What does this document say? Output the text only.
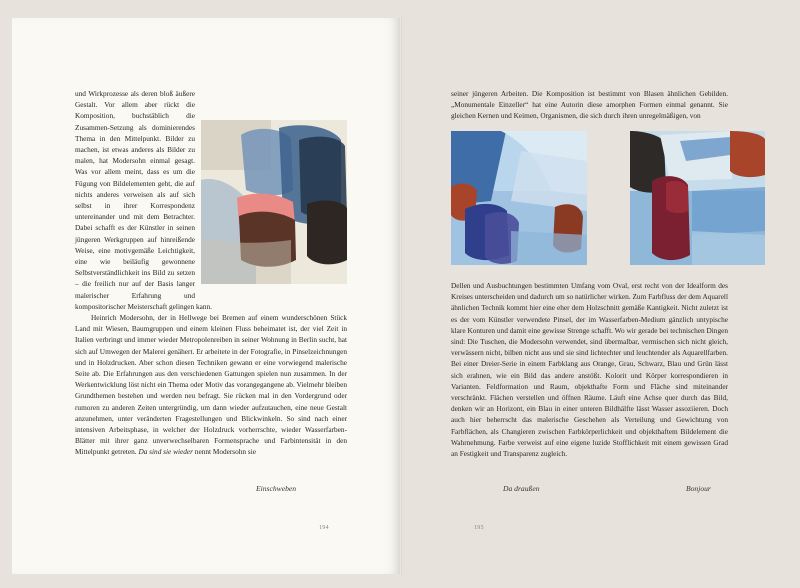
und Wirkprozesse als deren bloß äußere Gestalt. Vor allem aber rückt die Komposition, buchstäblich die Zusammen-Setzung als dominierendes Thema in den Mittelpunkt. Bilder zu machen, ist etwas anderes als Bilder zu malen, hat Modersohn einmal gesagt. Was vor allem meint, dass es um die Fügung von Bildelementen geht, die auf nichts anderes verweisen als auf sich selbst in ihrer Korrespondenz untereinander und mit dem Betrachter. Dabei schafft es der Künstler in seinen jüngeren Werkgruppen auf hinreißende Weise, eine motivgemäße Leichtigkeit, eine wie beiläufig gewonnene Selbstverständlichkeit ins Bild zu setzen – die freilich nur auf der Basis langer malerischer Erfahrung und kompositorischer Meisterschaft gelingen kann.

Heinrich Modersohn, der in Hellwege bei Bremen auf einem wunderschönen Stück Land mit Wiesen, Baumgruppen und einem kleinen Fluss beheimatet ist, der viel Zeit in Italien verbringt und immer wieder Metropolenreiben in seiner Wohnung in Berlin sucht, hat sich auf Umwegen der Malerei genähert. Er arbeitete in der Fotografie, in Pinselzeichnungen und in Holzdrucken. Aber schon diesen Techniken gewann er eine vorwiegend malerische Seite ab. Die Erfahrungen aus den verschiedenen Gattungen spielen nun zusammen. In der Werkentwicklung löst nicht ein Thema oder Motiv das vorangegangene ab. Vielmehr bleiben Grundthemen bestehen und werden neu befragt. Sie rücken mal in den Vordergrund oder rumoren zu anderen Zeiten untergründig, um dann wieder aufzutauchen, eine neue Gestalt anzunehmen, unter veränderten Fragestellungen und Blickwinkeln. So sind nach einer intensiven Arbeitsphase, in welcher der Holzdruck vorherrschte, wieder Wasserfarben-Blätter mit ihrer ganz unverwechselbaren Formensprache und Farbintensität in den Mittelpunkt getreten. Da sind sie wieder nennt Modersohn sie

Einschweben
194

seiner jüngeren Arbeiten. Die Komposition ist bestimmt von Blasen ähnlichen Gebilden. „Monumentale Einzeller“ hat eine Autorin diese amorphen Formen einmal genannt. Sie gleichen Kernen und Keimen, Organismen, die sich durch ihren unregelmäßigen, von

Dellen und Ausbuchtungen bestimmten Umfang vom Oval, erst recht von der Idealform des Kreises unterscheiden und dadurch um so natürlicher wirken. Zum Farbfluss der dem Aquarell ähnlichen Technik kommt hier eine eher dem Holzschnitt gemäße Kantigkeit. Nicht zuletzt ist es der vom Künstler verwendete Pinsel, der im Wasserfarben-Medium gänzlich untypische klare Konturen und damit eine gewisse Strenge schafft. Wo wir gerade bei technischen Dingen sind: Die Tuschen, die Modersohn verwendet, sind übermalbar, vermischen sich nicht gleich, verwässern nicht, bilben nicht aus und sie sind lichtechter und leuchtender als Aquarellfarben. Bei einer Dreier-Serie in einem Farbklang aus Orange, Grau, Schwarz, Blau und Grün lässt sich erahnen, wie ein Bild das andere anstößt. Kolorit und Körper korrespondieren in Varianten. Feldformation und Raum, objekthafte Form und Fläche sind miteinander verschränkt. Flächen verstellen und öffnen Räume. Läuft eine Achse quer durch das Bild, denken wir an Horizont, ein Blau in einer unteren Bildhälfte lässt Wasser assoziieren. Doch auch hier beherrscht das malerische Geschehen als Verteilung und Gewichtung von Farbflächen, als Changieren zwischen Farbkörperlichkeit und objekthaftem Bildelement die Wahrnehmung. Farbe verweist auf eine eigene luzide Stofflichkeit mit einem gewissen Grad an Festigkeit und Transparenz zugleich.

Da draußen	Bonjour
195
